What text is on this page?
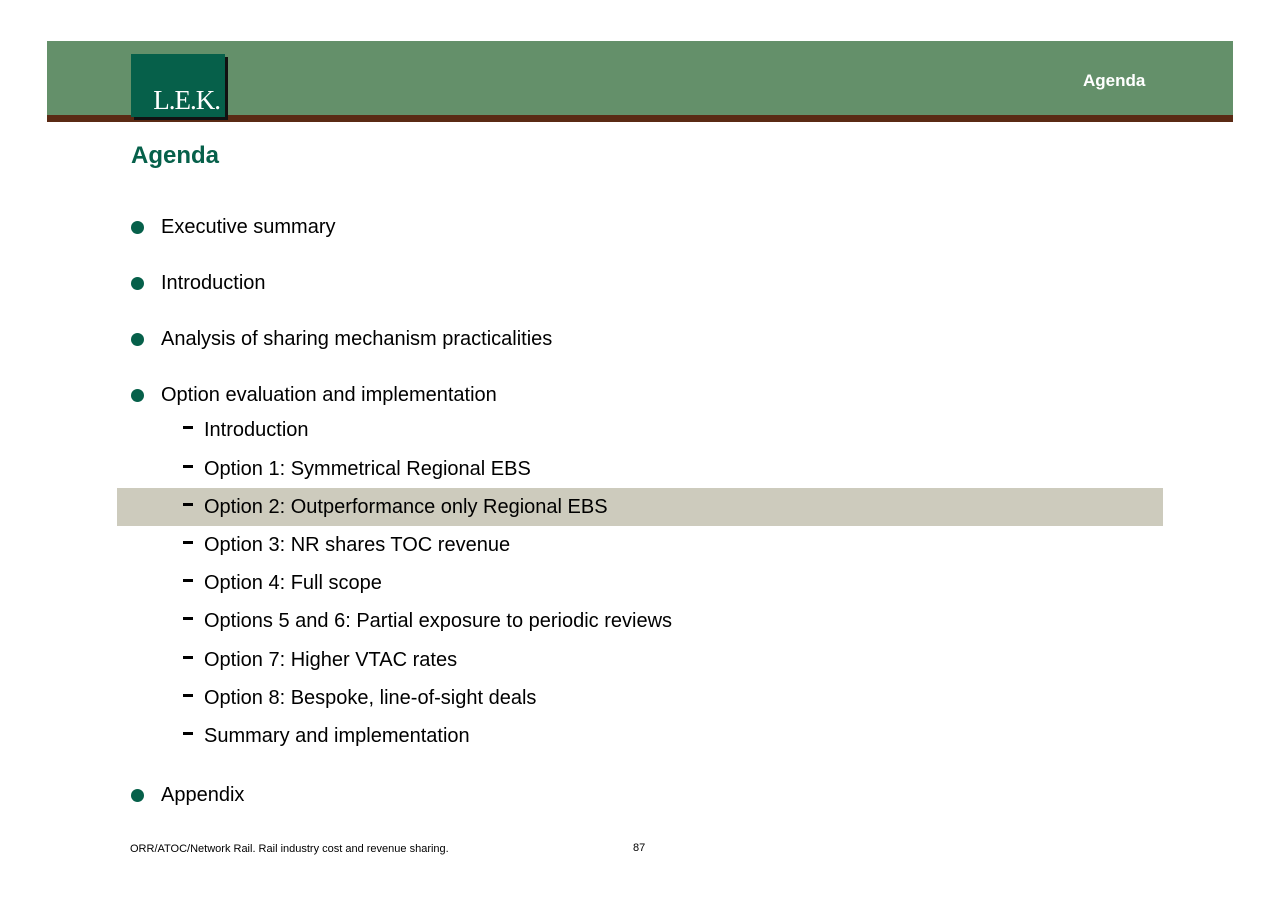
L.E.K.
Agenda
Agenda
Executive summary
Introduction
Analysis of sharing mechanism practicalities
Option evaluation and implementation
Introduction
Option 1: Symmetrical Regional EBS
Option 2: Outperformance only Regional EBS
Option 3: NR shares TOC revenue
Option 4: Full scope
Options 5 and 6: Partial exposure to periodic reviews
Option 7: Higher VTAC rates
Option 8: Bespoke, line-of-sight deals
Summary and implementation
Appendix
ORR/ATOC/Network Rail. Rail industry cost and revenue sharing.	87
